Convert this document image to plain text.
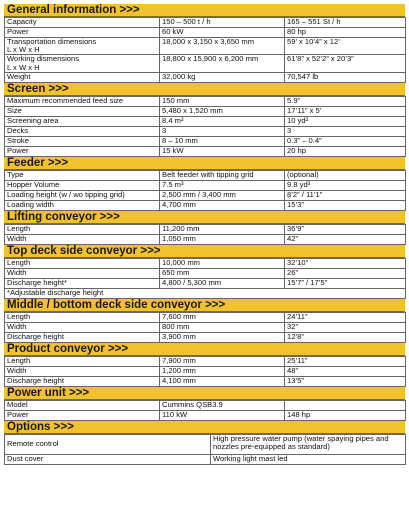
General information >>>
Capacity	150 – 500 t / h	165 – 551 St / h
Power	60 kW	80 hp

Transportation dimensions
L x W x H	18,000 x 3,150 x 3,650 mm	59’ x 10’4” x 12’

Working dismensions
L x W x H	18,800 x 15,900 x 6,200 mm	61’8” x 52’2” x 20’3”
Weight	32,000 kg	70,547 lb
Screen >>>
Maximum recommended feed size	150 mm	5.9”
Size	5,480 x 1,520 mm	17’11” x 5’
Screening area	8.4 m²	10 yd²
Decks	3	3
Stroke	8 – 10 mm	0.3” – 0.4”
Power	15 kW	20 hp
Feeder >>>
Type	Belt feeder with tipping grid	(optional)
Hopper Volume	7.5 m³	9.8 yd³
Loading height (w / wo tipping grid)	2,500 mm / 3,400 mm	8’2” / 11’1”
Loading width	4,700 mm	15’3”
Lifting conveyor >>>
Length	11,200 mm	36’9”
Width	1,050 mm	42”
Top deck side conveyor >>>
Length	10,000 mm	32’10”
Width	650 mm	26”
Discharge height*	4,800 / 5,300 mm	15’7” / 17’5”
*Adjustable discharge height		
Middle / bottom deck side conveyor >>>
Length	7,600 mm	24’11”
Width	800 mm	32”
Discharge height	3,900 mm	12’8”
Product conveyor >>>
Length	7,900 mm	25’11”
Width	1,200 mm	48”
Discharge height	4,100 mm	13’5”
Power unit >>>
Model	Cummins QSB3.9	
Power	110 kW	148 hp
Options >>>
Remote control	High pressure water pump (water spaying pipes and nozzles pre-equipped as standard)
Dust cover	Working light mast led
